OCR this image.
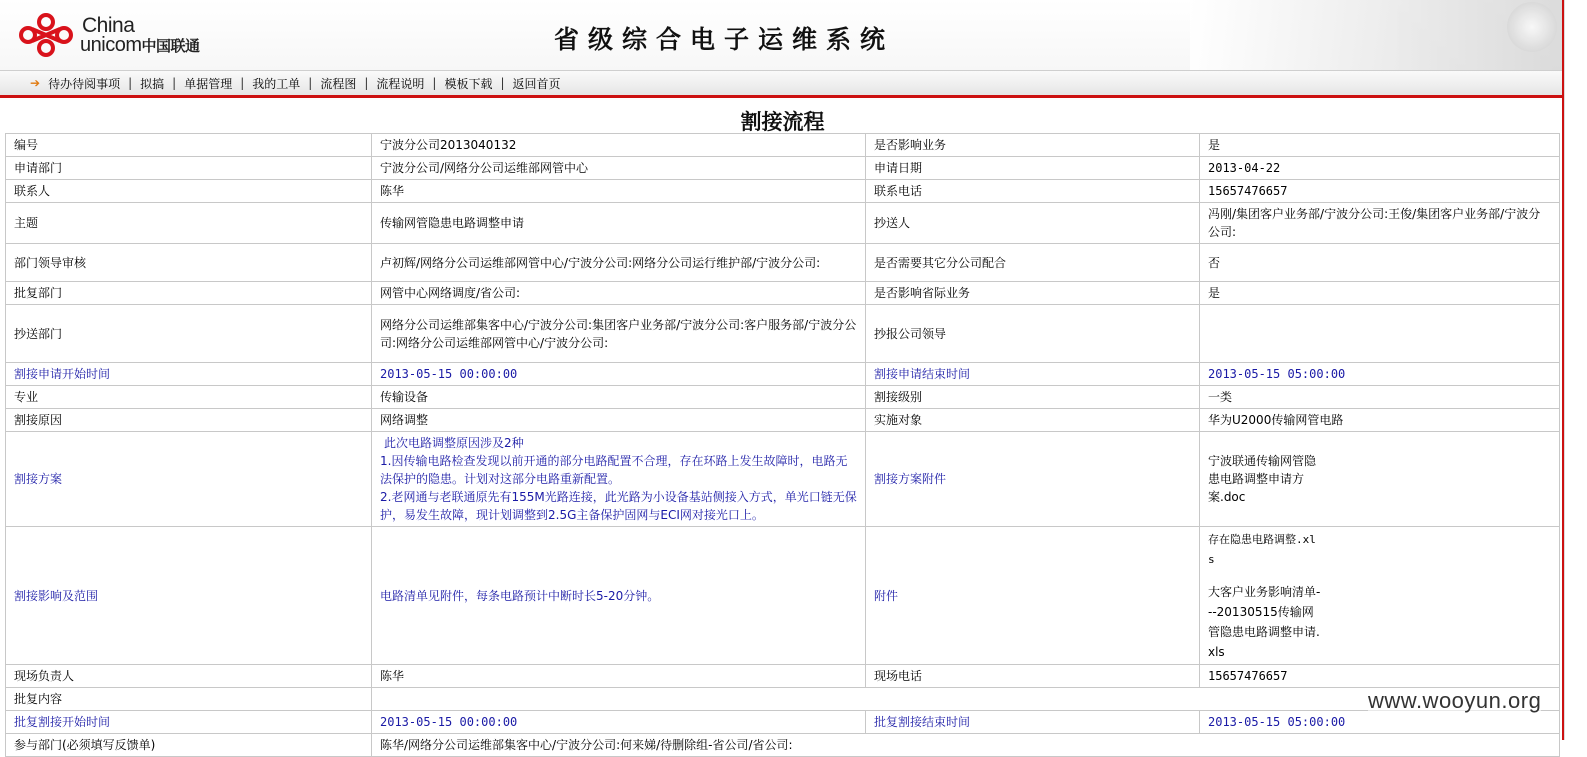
China
unicom中国联通	省级综合电子运维系统
➔ 待办待阅事项 | 拟搞 | 单据管理 | 我的工单 | 流程图 | 流程说明 | 模板下载 | 返回首页
割接流程
编号	宁波分公司2013040132	是否影响业务	是
申请部门	宁波分公司/网络分公司运维部网管中心	申请日期	2013-04-22
联系人	陈华	联系电话	15657476657
主题	传输网管隐患电路调整申请	抄送人	冯刚/集团客户业务部/宁波分公司:王俊/集团客户业务部/宁波分公司:
部门领导审核	卢初辉/网络分公司运维部网管中心/宁波分公司:网络分公司运行维护部/宁波分公司:	是否需要其它分公司配合	否
批复部门	网管中心网络调度/省公司:	是否影响省际业务	是
抄送部门	网络分公司运维部集客中心/宁波分公司:集团客户业务部/宁波分公司:客户服务部/宁波分公司:网络分公司运维部网管中心/宁波分公司:	抄报公司领导	
割接申请开始时间	2013-05-15 00:00:00	割接申请结束时间	2013-05-15 05:00:00
专业	传输设备	割接级别	一类
割接原因	网络调整	实施对象	华为U2000传输网管电路
割接方案	此次电路调整原因涉及2种
1.因传输电路检查发现以前开通的部分电路配置不合理，存在环路上发生故障时，电路无法保护的隐患。计划对这部分电路重新配置。
2.老网通与老联通原先有155M光路连接，此光路为小设备基站侧接入方式，单光口链无保护，易发生故障，现计划调整到2.5G主备保护固网与ECI网对接光口上。	割接方案附件	宁波联通传输网管隐患电路调整申请方案.doc

割接影响及范围	电路清单见附件，每条电路预计中断时长5-20分钟。	附件	存在隐患电路调整.xls
大客户业务影响清单---20130515传输网管隐患电路调整申请.xls

现场负责人	陈华	现场电话	15657476657
批复内容			
批复割接开始时间	2013-05-15 00:00:00	批复割接结束时间	2013-05-15 05:00:00
参与部门(必须填写反馈单)	陈华/网络分公司运维部集客中心/宁波分公司:何来娣/待删除组-省公司/省公司:		
www.wooyun.org
